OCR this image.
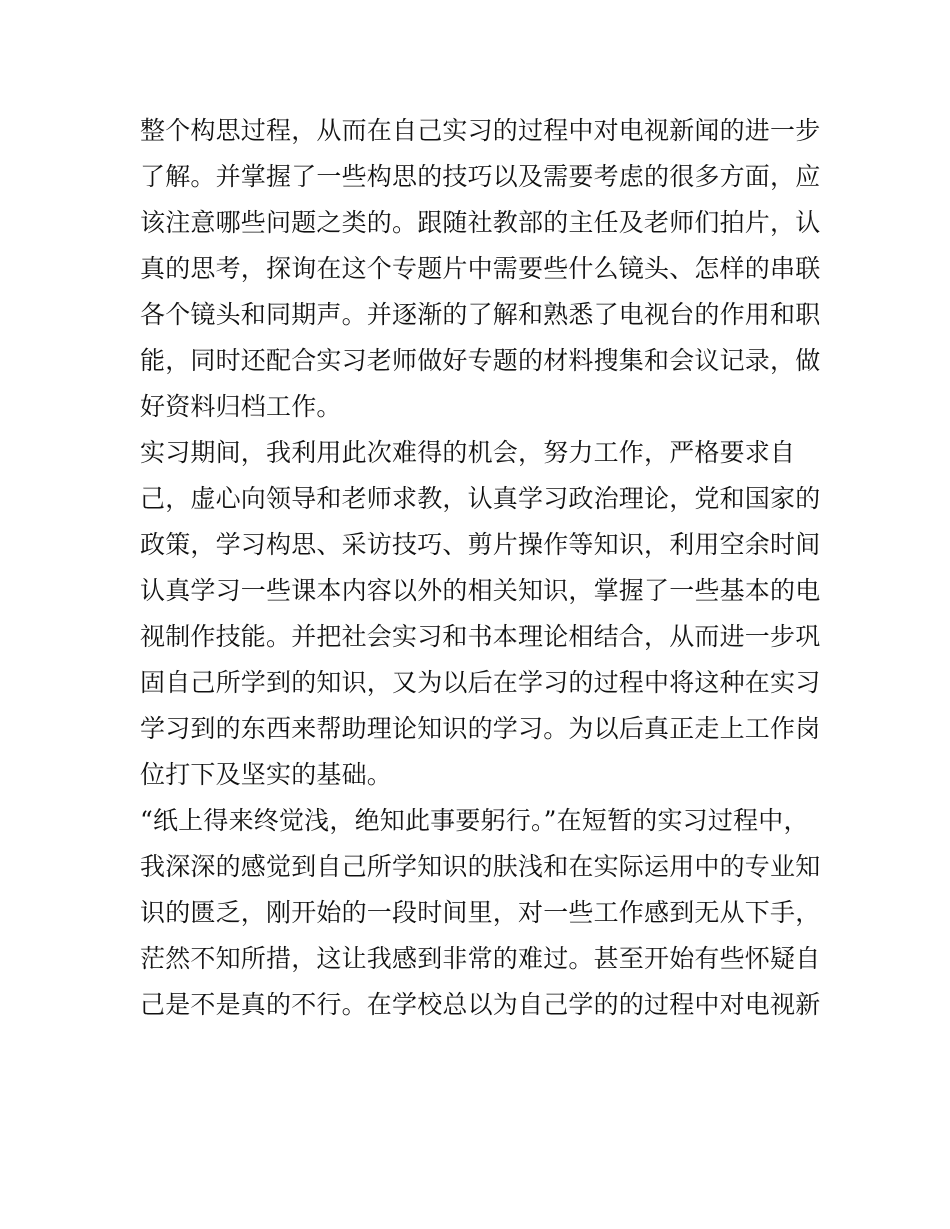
整个构思过程，从而在自己实习的过程中对电视新闻的进一步
了解。并掌握了一些构思的技巧以及需要考虑的很多方面，应
该注意哪些问题之类的。跟随社教部的主任及老师们拍片，认
真的思考，探询在这个专题片中需要些什么镜头、怎样的串联
各个镜头和同期声。并逐渐的了解和熟悉了电视台的作用和职
能，同时还配合实习老师做好专题的材料搜集和会议记录，做
好资料归档工作。
实习期间，我利用此次难得的机会，努力工作，严格要求自
己，虚心向领导和老师求教，认真学习政治理论，党和国家的
政策，学习构思、采访技巧、剪片操作等知识，利用空余时间
认真学习一些课本内容以外的相关知识，掌握了一些基本的电
视制作技能。并把社会实习和书本理论相结合，从而进一步巩
固自己所学到的知识，又为以后在学习的过程中将这种在实习
学习到的东西来帮助理论知识的学习。为以后真正走上工作岗
位打下及坚实的基础。
“纸上得来终觉浅，绝知此事要躬行。”在短暂的实习过程中，
我深深的感觉到自己所学知识的肤浅和在实际运用中的专业知
识的匮乏，刚开始的一段时间里，对一些工作感到无从下手，
茫然不知所措，这让我感到非常的难过。甚至开始有些怀疑自
己是不是真的不行。在学校总以为自己学的的过程中对电视新
